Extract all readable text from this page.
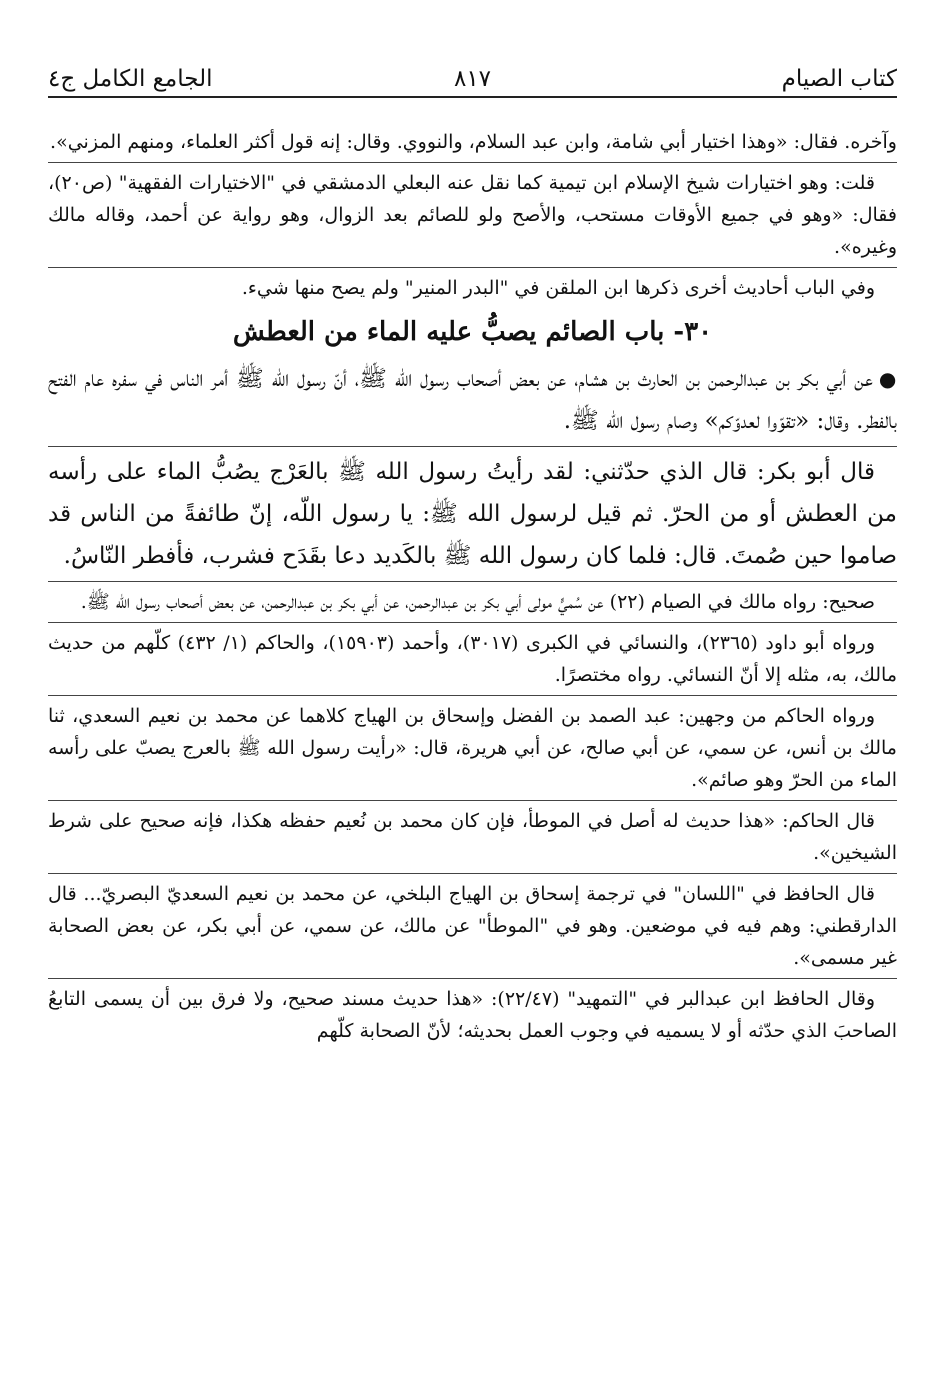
كتاب الصيام
٨١٧
الجامع الكامل ج٤

وآخره. فقال: «وهذا اختيار أبي شامة، وابن عبد السلام، والنووي. وقال: إنه قول أكثر العلماء، ومنهم المزني».

قلت: وهو اختيارات شيخ الإسلام ابن تيمية كما نقل عنه البعلي الدمشقي في "الاختيارات الفقهية" (ص٢٠)، فقال: «وهو في جميع الأوقات مستحب، والأصح ولو للصائم بعد الزوال، وهو رواية عن أحمد، وقاله مالك وغيره».

وفي الباب أحاديث أخرى ذكرها ابن الملقن في "البدر المنير" ولم يصح منها شيء.

٣٠- باب الصائم يصبُّ عليه الماء من العطش

●عن أبي بكر بن عبدالرحمن بن الحارث بن هشام، عن بعض أصحاب رسول الله ﷺ، أنّ رسول الله ﷺ أمر الناس في سفره عام الفتح بالفطر. وقال: «تقوّوا لعدوّكم» وصام رسول الله ﷺ.

قال أبو بكر: قال الذي حدّثني: لقد رأيتُ رسول الله ﷺ بالعَرْج يصُبُّ الماء على رأسه من العطش أو من الحرّ. ثم قيل لرسول الله ﷺ: يا رسول اللّه، إنّ طائفةً من الناس قد صاموا حين صُمتَ. قال: فلما كان رسول الله ﷺ بالكَديد دعا بقَدَح فشرب، فأفطر النّاسُ.

صحيح: رواه مالك في الصيام (٢٢) عن سُميٍّ مولى أبي بكر بن عبدالرحمن، عن أبي بكر بن عبدالرحمن، عن بعض أصحاب رسول الله ﷺ.

ورواه أبو داود (٢٣٦٥)، والنسائي في الكبرى (٣٠١٧)، وأحمد (١٥٩٠٣)، والحاكم (١/ ٤٣٢) كلّهم من حديث مالك، به، مثله إلا أنّ النسائي. رواه مختصرًا.

ورواه الحاكم من وجهين: عبد الصمد بن الفضل وإسحاق بن الهياج كلاهما عن محمد بن نعيم السعدي، ثنا مالك بن أنس، عن سمي، عن أبي صالح، عن أبي هريرة، قال: «رأيت رسول الله ﷺ بالعرج يصبّ على رأسه الماء من الحرّ وهو صائم».

قال الحاكم: «هذا حديث له أصل في الموطأ، فإن كان محمد بن نُعيم حفظه هكذا، فإنه صحيح على شرط الشيخين».

قال الحافظ في "اللسان" في ترجمة إسحاق بن الهياج البلخي، عن محمد بن نعيم السعديّ البصريّ... قال الدارقطني: وهم فيه في موضعين. وهو في "الموطأ" عن مالك، عن سمي، عن أبي بكر، عن بعض الصحابة غير مسمى».

وقال الحافظ ابن عبدالبر في "التمهيد" (٢٢/٤٧): «هذا حديث مسند صحيح، ولا فرق بين أن يسمى التابعُ الصاحبَ الذي حدّثه أو لا يسميه في وجوب العمل بحديثه؛ لأنّ الصحابة كلّهم
